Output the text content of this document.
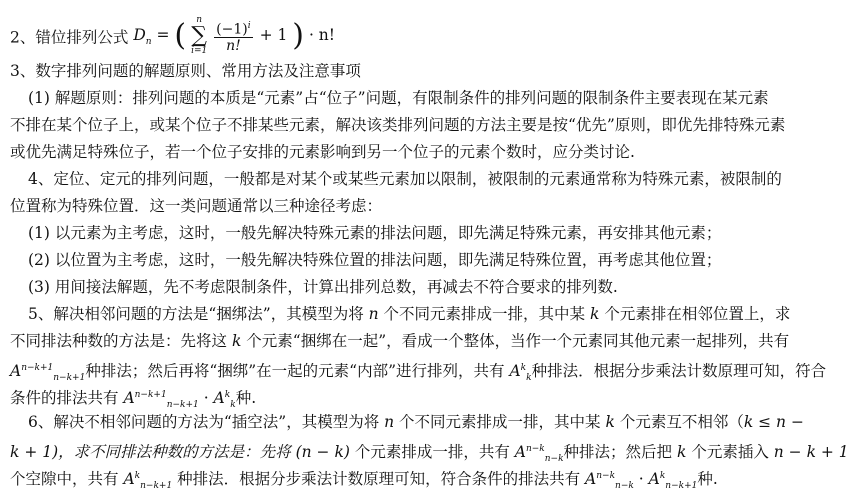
2、错位排列公式 $D_n$ = ( n
∑
i=1
$\frac{(-1)^i}{n!} + 1$ ) · n!
3、数字排列问题的解题原则、常用方法及注意事项
(1) 解题原则：排列问题的本质是“元素”占“位子”问题，有限制条件的排列问题的限制条件主要表现在某元素
不排在某个位子上，或某个位子不排某些元素，解决该类排列问题的方法主要是按“优先”原则，即优先排特殊元素
或优先满足特殊位子，若一个位子安排的元素影响到另一个位子的元素个数时，应分类讨论.
4、定位、定元的排列问题，一般都是对某个或某些元素加以限制，被限制的元素通常称为特殊元素，被限制的
位置称为特殊位置．这一类问题通常以三种途径考虑：
(1) 以元素为主考虑，这时，一般先解决特殊元素的排法问题，即先满足特殊元素，再安排其他元素；
(2) 以位置为主考虑，这时，一般先解决特殊位置的排法问题，即先满足特殊位置，再考虑其他位置；
(3) 用间接法解题，先不考虑限制条件，计算出排列总数，再减去不符合要求的排列数.
5、解决相邻问题的方法是“捆绑法”，其模型为将 n 个不同元素排成一排，其中某 k 个元素排在相邻位置上，求
不同排法种数的方法是：先将这 k 个元素“捆绑在一起”，看成一个整体，当作一个元素同其他元素一起排列，共有
$A^{n-k+1}_{n-k+1}$种排法；然后再将“捆绑”在一起的元素“内部”进行排列，共有 $A^k_k$种排法．根据分步乘法计数原理可知，符合
条件的排法共有 $A^{n-k+1}_{n-k+1} \cdot A^k_k$种.
6、解决不相邻问题的方法为“插空法”，其模型为将 n 个不同元素排成一排，其中某 k 个元素互不相邻（k ≤ n −
k + 1)，求不同排法种数的方法是：先将 (n − k) 个元素排成一排，共有 $A^{n-k}_{n-k}$种排法；然后把 k 个元素插入 n − k + 1
个空隙中，共有 $A^k_{n-k+1}$ 种排法．根据分步乘法计数原理可知，符合条件的排法共有 $A^{n-k}_{n-k} \cdot A^k_{n-k+1}$种.
